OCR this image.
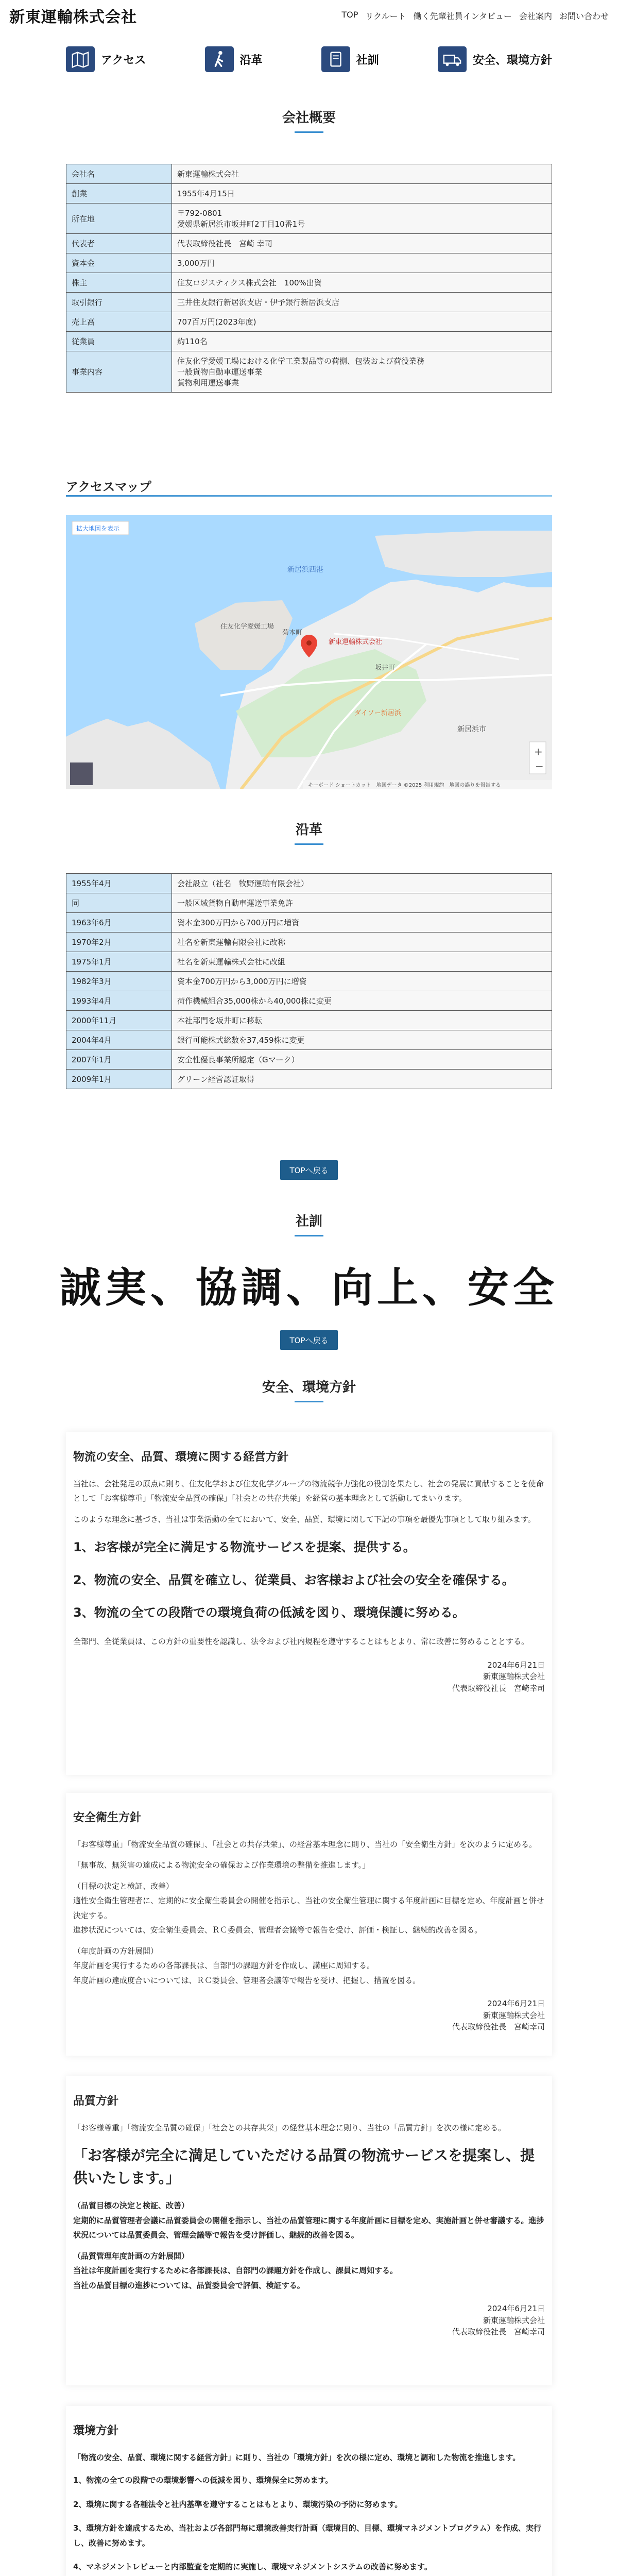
新東運輸株式会社	TOP リクルート 働く先輩社員インタビュー 会社案内 お問い合わせ
アクセス	沿革	社訓	安全、環境方針
会社概要
会社名	新東運輸株式会社

創業	1955年4月15日

所在地	〒792-0801
愛媛県新居浜市坂井町2丁目10番1号

代表者	代表取締役社長　宮崎 幸司

資本金	3,000万円

株主	住友ロジスティクス株式会社　100%出資

取引銀行	三井住友銀行新居浜支店・伊予銀行新居浜支店

売上高	707百万円(2023年度)

従業員	約110名

事業内容	住友化学愛媛工場における化学工業製品等の荷捌、包装および荷役業務
一般貨物自動車運送事業
貨物利用運送事業
アクセスマップ
拡大地図を表示
住友化学愛媛工場
新居浜西港
坂井町
菊本町
新居浜市
ダイソー新居浜
新東運輸株式会社
+
−
キーボード ショートカット　地図データ ©2025 利用規約　地図の誤りを報告する
沿革
1955年4月	会社設立（社名　牧野運輸有限会社）
同	一般区域貨物自動車運送事業免許
1963年6月	資本金300万円から700万円に増資
1970年2月	社名を新東運輸有限会社に改称
1975年1月	社名を新東運輸株式会社に改組
1982年3月	資本金700万円から3,000万円に増資
1993年4月	荷作機械組合35,000株から40,000株に変更
2000年11月	本社部門を坂井町に移転
2004年4月	銀行可能株式総数を37,459株に変更
2007年1月	安全性優良事業所認定（Gマーク）
2009年1月	グリーン経営認証取得
TOPへ戻る
社訓
誠実、協調、向上、安全
TOPへ戻る
安全、環境方針
物流の安全、品質、環境に関する経営方針

当社は、会社発足の原点に則り、住友化学および住友化学グループの物流競争力強化の役割を果たし、社会の発展に貢献することを使命として「お客様尊重」「物流安全品質の確保」「社会との共存共栄」を経営の基本理念として活動してまいります。

このような理念に基づき、当社は事業活動の全てにおいて、安全、品質、環境に関して下記の事項を最優先事項として取り組みます。

1、お客様が完全に満足する物流サービスを提案、提供する。
2、物流の安全、品質を確立し、従業員、お客様および社会の安全を確保する。
3、物流の全ての段階での環境負荷の低減を図り、環境保護に努める。

全部門、全従業員は、この方針の重要性を認識し、法令および社内規程を遵守することはもとより、常に改善に努めることとする。

2024年6月21日
新東運輸株式会社
代表取締役社長　宮崎幸司
安全衛生方針

「お客様尊重」「物流安全品質の確保」、「社会との共存共栄」、の経営基本理念に則り、当社の「安全衛生方針」を次のように定める。

「無事故、無災害の達成による物流安全の確保および作業環境の整備を推進します。」

（目標の決定と検証、改善）

適性安全衛生管理者に、定期的に安全衛生委員会の開催を指示し、当社の安全衛生管理に関する年度計画に目標を定め、年度計画と併せ決定する。

進捗状況については、安全衛生委員会、ＲＣ委員会、管理者会議等で報告を受け、評価・検証し、継続的改善を図る。

（年度計画の方針展開）

年度計画を実行するための各部課長は、自部門の課題方針を作成し、講座に周知する。

年度計画の達成度合いについては、ＲＣ委員会、管理者会議等で報告を受け、把握し、措置を図る。

2024年6月21日
新東運輸株式会社
代表取締役社長　宮崎幸司
品質方針

「お客様尊重」「物流安全品質の確保」「社会との共存共栄」の経営基本理念に則り、当社の「品質方針」を次の様に定める。

「お客様が完全に満足していただける品質の物流サービスを提案し、提供いたします。」

（品質目標の決定と検証、改善）

定期的に品質管理者会議に品質委員会の開催を指示し、当社の品質管理に関する年度計画に目標を定め、実施計画と併せ審議する。進捗状況については品質委員会、管理会議等で報告を受け評価し、継続的改善を図る。

（品質管理年度計画の方針展開）

当社は年度計画を実行するために各部課長は、自部門の課題方針を作成し、課員に周知する。

当社の品質目標の進捗については、品質委員会で評価、検証する。

2024年6月21日
新東運輸株式会社
代表取締役社長　宮崎幸司
環境方針

「物流の安全、品質、環境に関する経営方針」に則り、当社の「環境方針」を次の様に定め、環境と調和した物流を推進します。

1、物流の全ての段階での環境影響への低減を図り、環境保全に努めます。
2、環境に関する各種法令と社内基準を遵守することはもとより、環境汚染の予防に努めます。
3、環境方針を達成するため、当社および各部門毎に環境改善実行計画（環境目的、目標、環境マネジメントプログラム）を作成、実行し、改善に努めます。
4、マネジメントレビューと内部監査を定期的に実施し、環境マネジメントシステムの改善に努めます。
